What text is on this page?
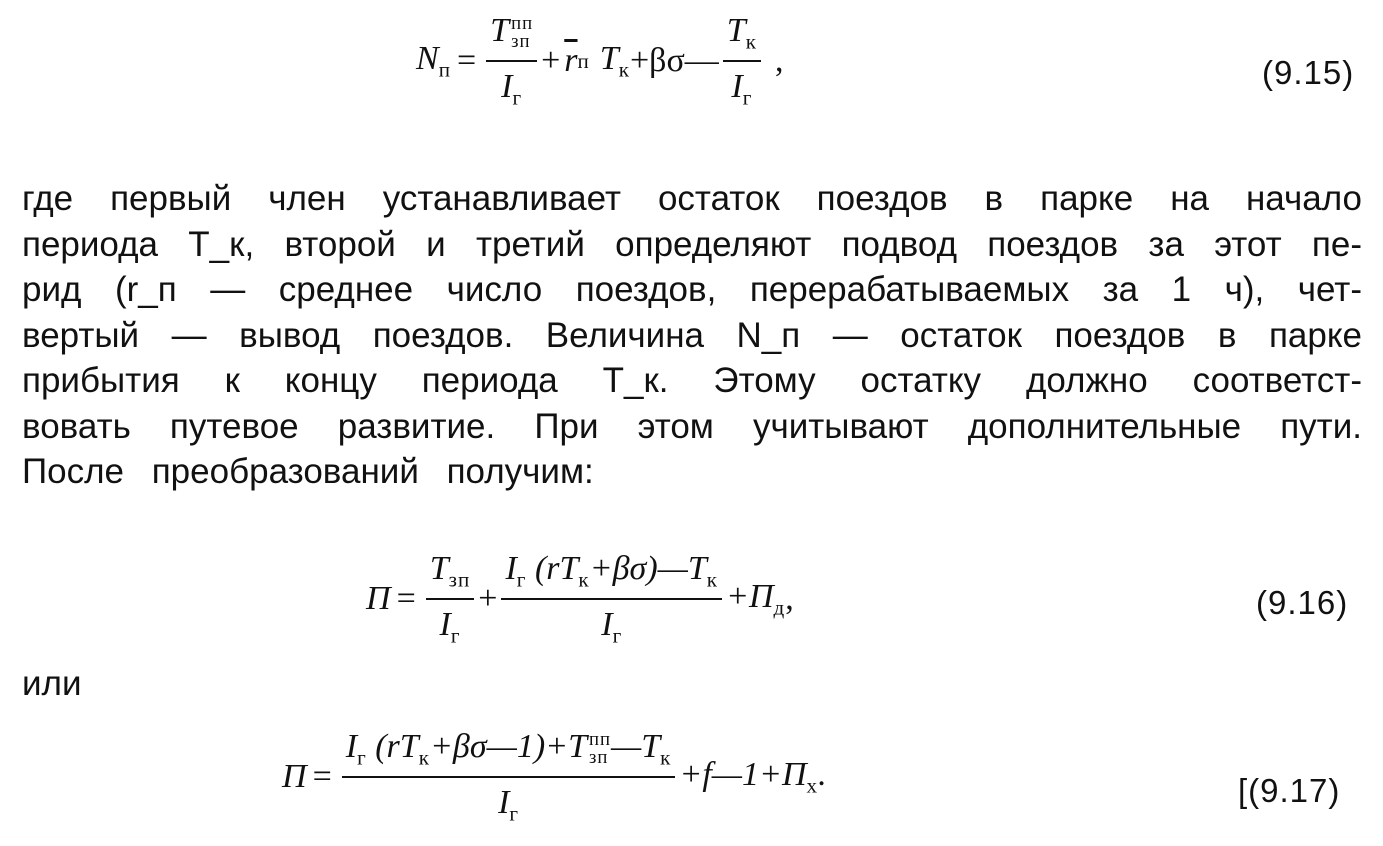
$N_п = T$ пп
зп
$I_г + \overline{r}$ п $T_к$ +βσ— $\frac{T_к}{I_г}$ ,	(9.15)
где первый член устанавливает остаток поездов в парке на начало
периода T_к, второй и третий определяют подвод поездов за этот пе-
рид (r_п — среднее число поездов, перерабатываемых за 1 ч), чет-
вертый — вывод поездов. Величина N_п — остаток поездов в парке
прибытия к концу периода T_к. Этому остатку должно соответст-
вовать путевое развитие. При этом учитывают дополнительные пути.
После преобразований получим:
$П = \frac{T_{зп}}{I_г} + \frac{I_г (rT_к+\beta\sigma)—T_к}{I_г} +П_д$ ,	(9.16)
или
$П = I_г$ $(rT_к+\beta\sigma—1)+T$ пп
зп $—T_к$
$I_г$ $+f—1+П_х$.	[(9.17)
